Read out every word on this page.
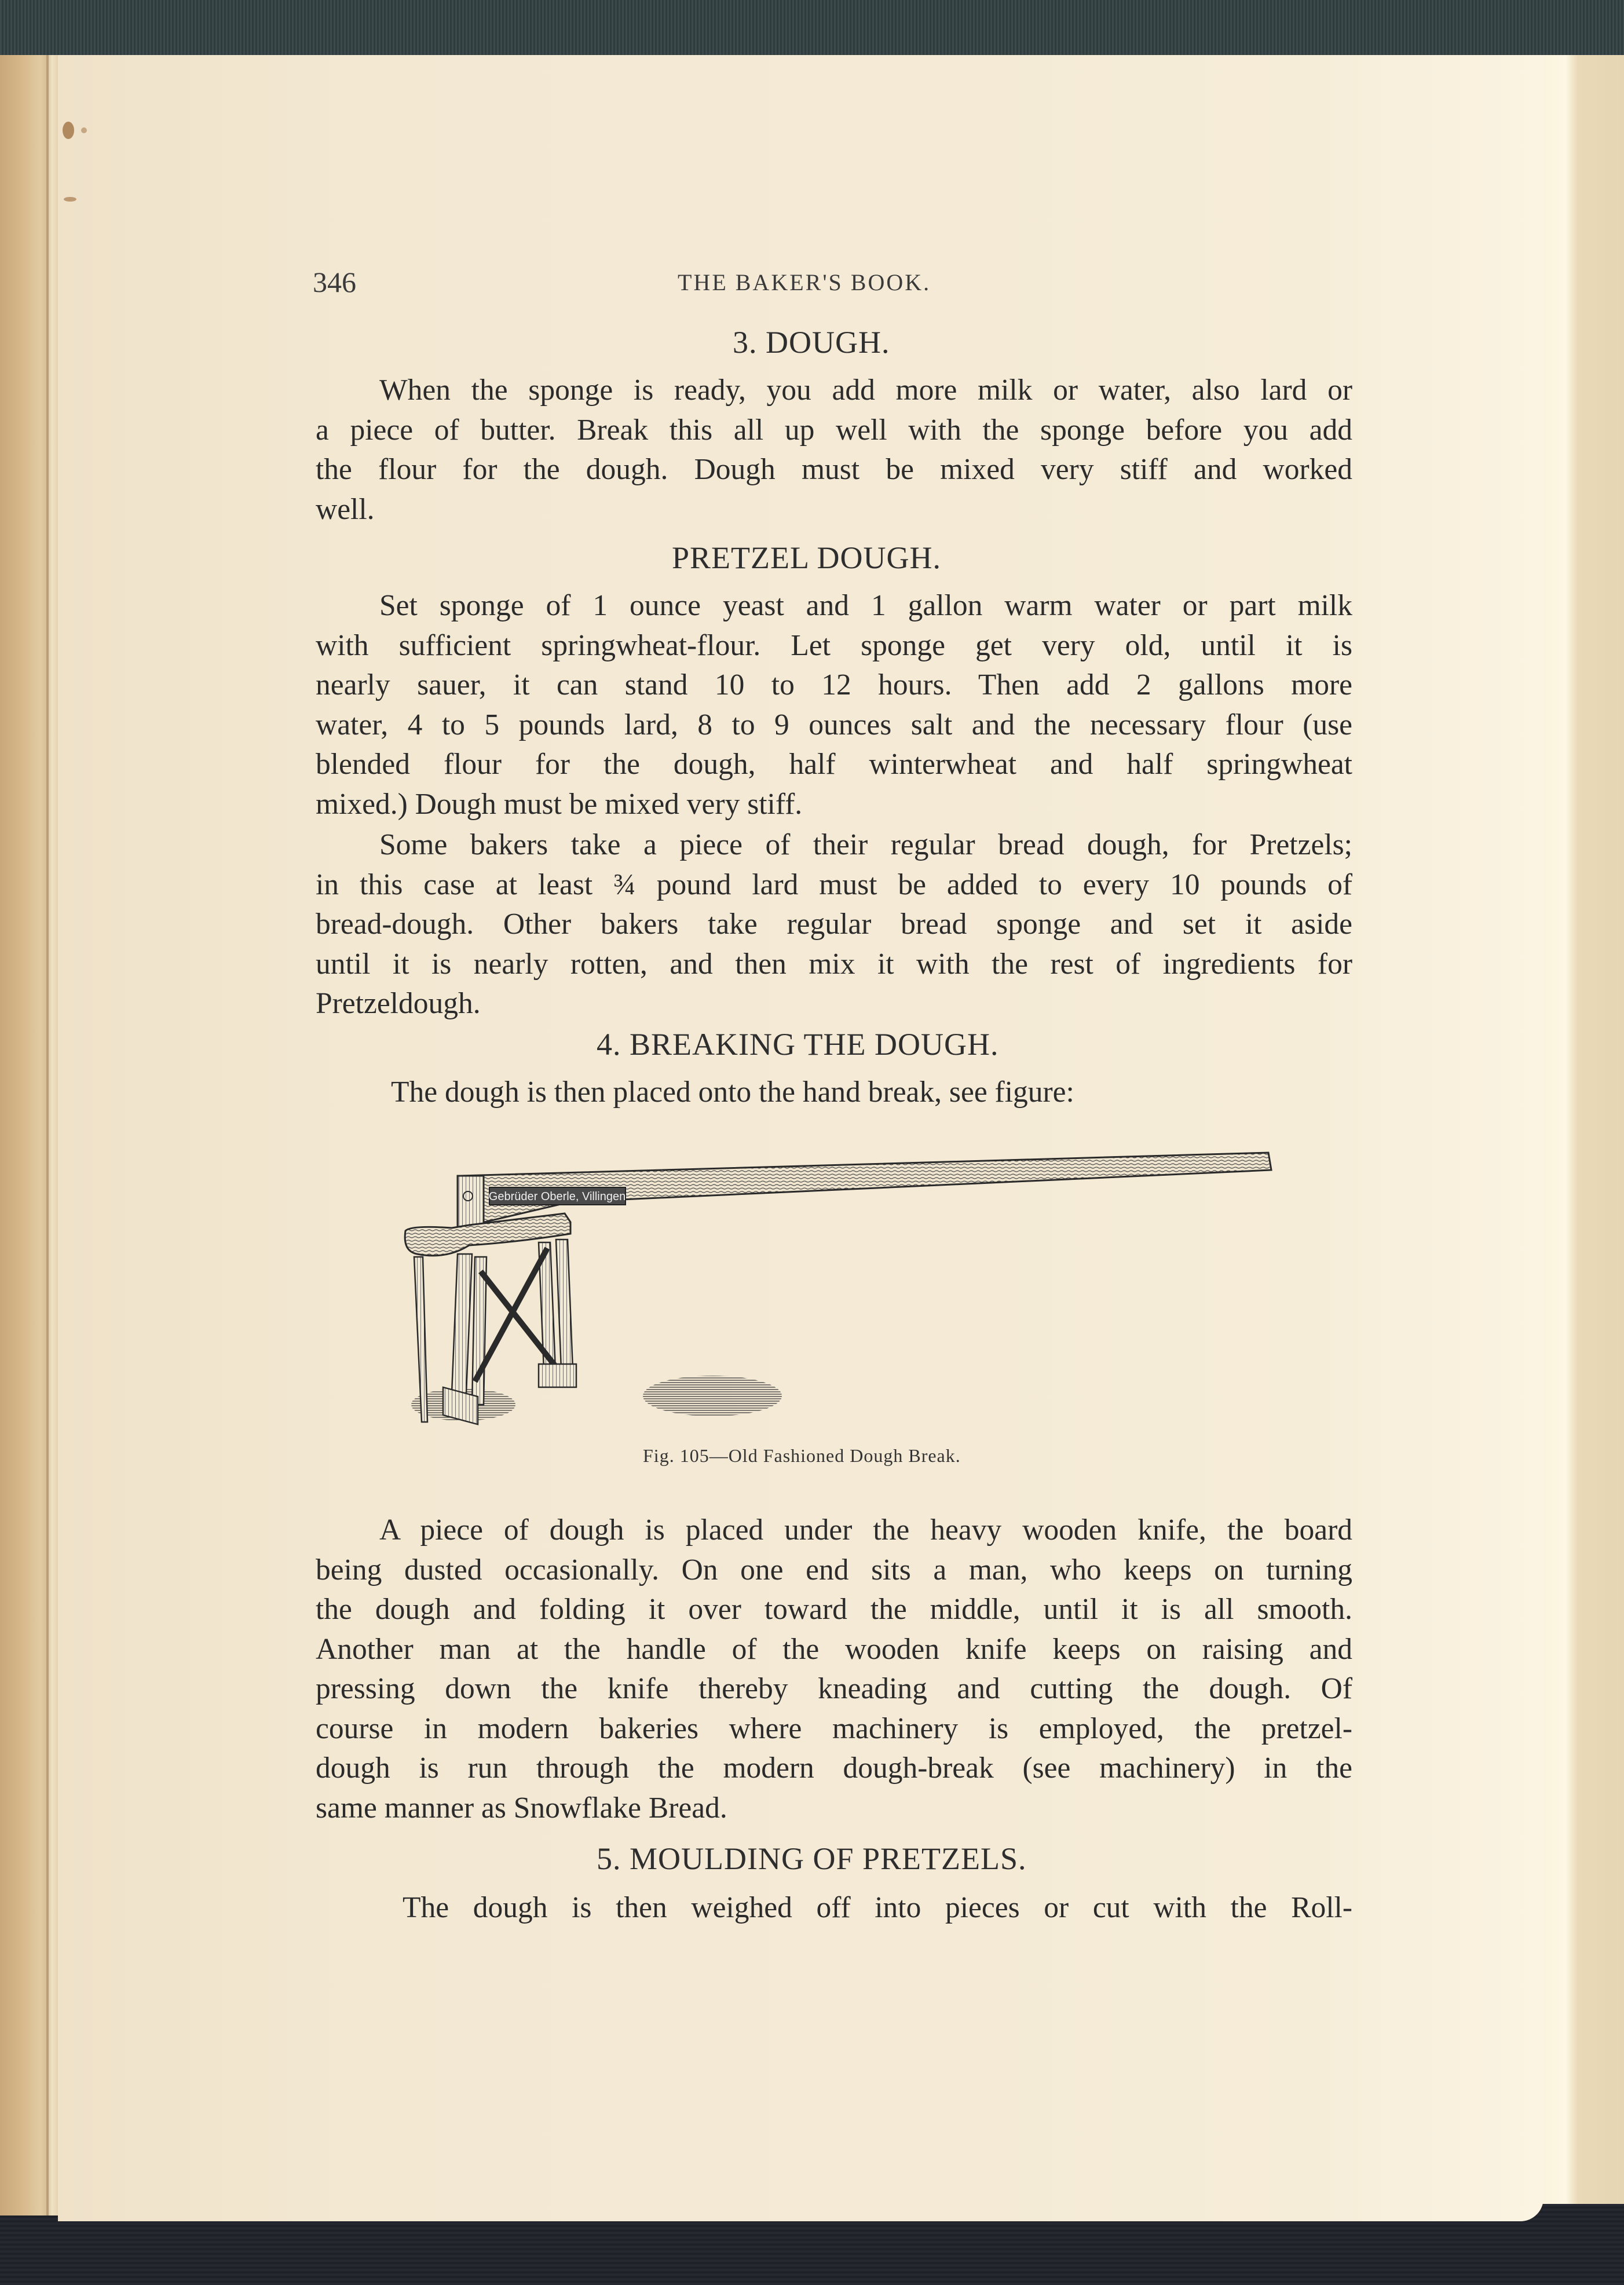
346	THE BAKER'S BOOK.
3. DOUGH.
When the sponge is ready, you add more milk or water, also lard or
a piece of butter. Break this all up well with the sponge before you add
the flour for the dough. Dough must be mixed very stiff and worked
well.
PRETZEL DOUGH.
Set sponge of 1 ounce yeast and 1 gallon warm water or part milk
with sufficient springwheat-flour. Let sponge get very old, until it is
nearly sauer, it can stand 10 to 12 hours. Then add 2 gallons more
water, 4 to 5 pounds lard, 8 to 9 ounces salt and the necessary flour (use
blended flour for the dough, half winterwheat and half springwheat
mixed.) Dough must be mixed very stiff.
Some bakers take a piece of their regular bread dough, for Pretzels;
in this case at least ¾ pound lard must be added to every 10 pounds of
bread-dough. Other bakers take regular bread sponge and set it aside
until it is nearly rotten, and then mix it with the rest of ingredients for
Pretzeldough.
4. BREAKING THE DOUGH.
The dough is then placed onto the hand break, see figure:
Gebrüder Oberle, Villingen
Fig. 105—Old Fashioned Dough Break.
A piece of dough is placed under the heavy wooden knife, the board
being dusted occasionally. On one end sits a man, who keeps on turning
the dough and folding it over toward the middle, until it is all smooth.
Another man at the handle of the wooden knife keeps on raising and
pressing down the knife thereby kneading and cutting the dough. Of
course in modern bakeries where machinery is employed, the pretzel-
dough is run through the modern dough-break (see machinery) in the
same manner as Snowflake Bread.
5. MOULDING OF PRETZELS.
The dough is then weighed off into pieces or cut with the Roll-
